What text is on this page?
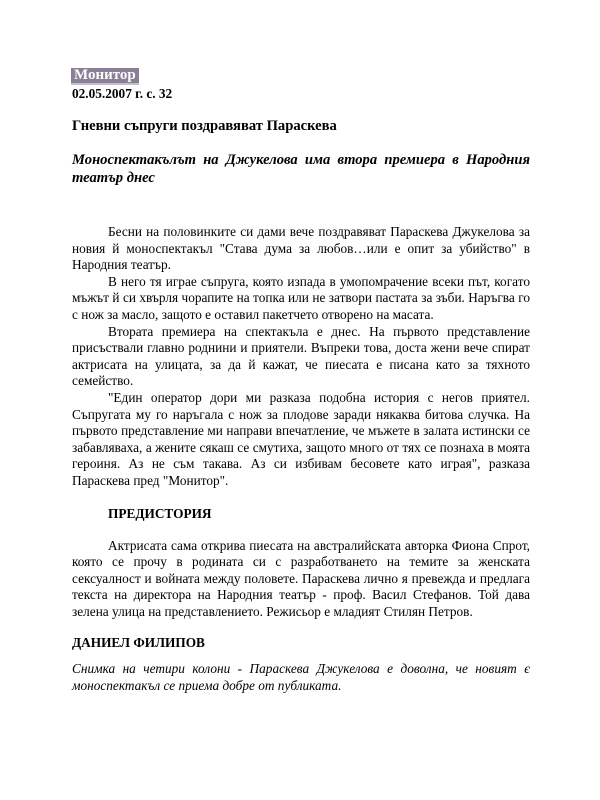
Монитор
02.05.2007 г. с. 32
Гневни съпруги поздравяват Параскева
Моноспектакълът на Джукелова има втора премиера в Народния театър днес

Бесни на половинките си дами вече поздравяват Параскева Джукелова за новия й моноспектакъл "Става дума за любов…или е опит за убийство" в Народния театър.

В него тя играе съпруга, която изпада в умопомрачение всеки път, когато мъжът й си хвърля чорапите на топка или не затвори пастата за зъби. Наръгва го с нож за масло, защото е оставил пакетчето отворено на масата.

Втората премиера на спектакъла е днес. На първото представление присъствали главно роднини и приятели. Въпреки това, доста жени вече спират актрисата на улицата, за да й кажат, че пиесата е писана като за тяхното семейство.

"Един оператор дори ми разказа подобна история с негов приятел. Съпругата му го наръгала с нож за плодове заради някаква битова случка. На първото представление ми направи впечатление, че мъжете в залата истински се забавляваха, а жените сякаш се смутиха, защото много от тях се познаха в моята героиня. Аз не съм такава. Аз си избивам бесовете като играя", разказа Параскева пред "Монитор".

ПРЕДИСТОРИЯ

Актрисата сама открива пиесата на австралийската авторка Фиона Спрот, която се прочу в родината си с разработването на темите за женската сексуалност и войната между половете. Параскева лично я превежда и предлага текста на директора на Народния театър - проф. Васил Стефанов. Той дава зелена улица на представлението. Режисьор е младият Стилян Петров.

ДАНИЕЛ ФИЛИПОВ
Снимка на четири колони - Параскева Джукелова е доволна, че новият є моноспектакъл се приема добре от публиката.
